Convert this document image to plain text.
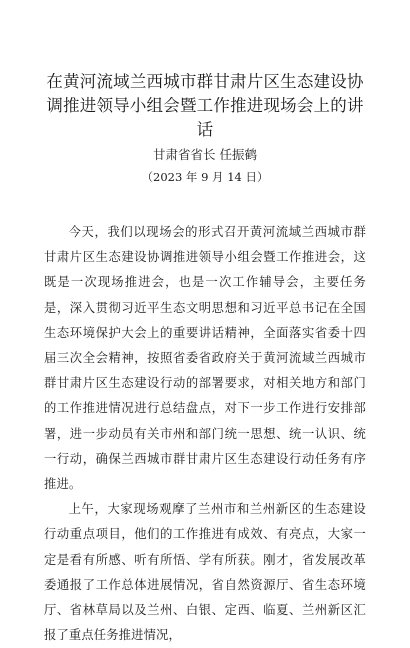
在黄河流域兰西城市群甘肃片区生态建设协调推进领导小组会暨工作推进现场会上的讲话
甘肃省省长 任振鹤
（2023 年 9 月 14 日）

今天，我们以现场会的形式召开黄河流域兰西城市群甘肃片区生态建设协调推进领导小组会暨工作推进会，这既是一次现场推进会，也是一次工作辅导会，主要任务是，深入贯彻习近平生态文明思想和习近平总书记在全国生态环境保护大会上的重要讲话精神，全面落实省委十四届三次全会精神，按照省委省政府关于黄河流域兰西城市群甘肃片区生态建设行动的部署要求，对相关地方和部门的工作推进情况进行总结盘点，对下一步工作进行安排部署，进一步动员有关市州和部门统一思想、统一认识、统一行动，确保兰西城市群甘肃片区生态建设行动任务有序推进。

上午，大家现场观摩了兰州市和兰州新区的生态建设行动重点项目，他们的工作推进有成效、有亮点，大家一定是看有所感、听有所悟、学有所获。刚才，省发展改革委通报了工作总体进展情况，省自然资源厅、省生态环境厅、省林草局以及兰州、白银、定西、临夏、兰州新区汇报了重点任务推进情况，
